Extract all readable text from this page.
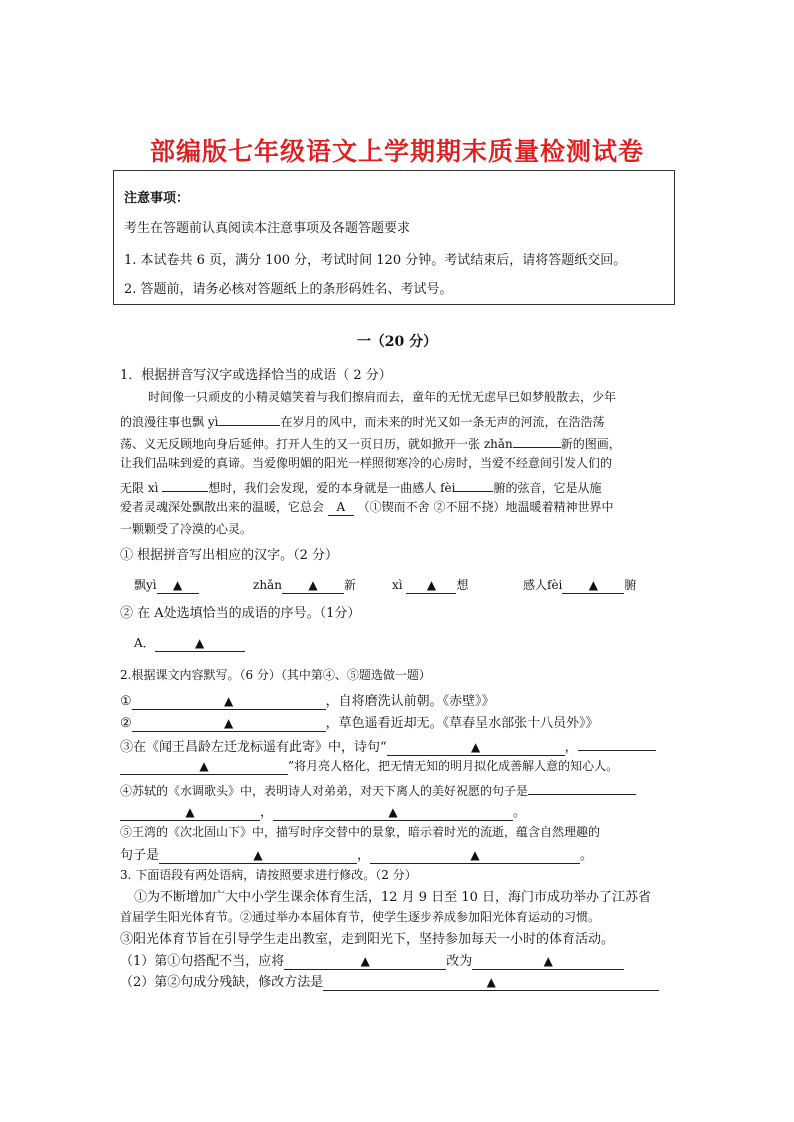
部编版七年级语文上学期期末质量检测试卷
注意事项：
考生在答题前认真阅读本注意事项及各题答题要求
1. 本试卷共 6 页，满分 100 分，考试时间 120 分钟。考试结束后，请将答题纸交回。
2. 答题前，请务必核对答题纸上的条形码姓名、考试号。
一（20 分）
1．根据拼音写汉字或选择恰当的成语（ 2 分）
时间像一只顽皮的小精灵嬉笑着与我们擦肩而去，童年的无忧无虑早已如梦般散去，少年
的浪漫往事也飘 yì	在岁月的风中，而未来的时光又如一条无声的河流，在浩浩荡
荡、义无反顾地向身后延伸。打开人生的又一页日历，就如掀开一张 zhǎn	新的图画，
让我们品味到爱的真谛。当爱像明媚的阳光一样照彻寒冷的心房时，当爱不经意间引发人们的
无限 xì	想时，我们会发现，爱的本身就是一曲感人 fèi	腑的弦音，它是从施
爱者灵魂深处飘散出来的温暖，它总会 A （①锲而不舍 ②不屈不挠）地温暖着精神世界中
一颗颗受了冷漠的心灵。
① 根据拼音写出相应的汉字。（2 分）
飘yì ▲	zhǎn ▲ 新	xì ▲ 想	感人fèi ▲ 腑
② 在 A处选填恰当的成语的序号。（1分）
A．	▲
2.根据课文内容默写。（6 分）（其中第④、⑤题选做一题）
①	▲	，自将磨洗认前朝。《赤壁》》
②	▲	，草色遥看近却无。《草春呈水部张十八员外》》
③在《闻王昌龄左迁龙标遥有此寄》中，诗句“	▲	，
▲	”将月亮人格化，把无情无知的明月拟化成善解人意的知心人。
④苏轼的《水调歌头》中，表明诗人对弟弟，对天下离人的美好祝愿的句子是
▲	，	▲	。
⑤王湾的《次北固山下》中，描写时序交替中的景象，暗示着时光的流逝，蕴含自然理趣的
句子是	▲	，	▲	。
3. 下面语段有两处语病，请按照要求进行修改。（2 分）
①为不断增加广大中小学生课余体育生活，12 月 9 日至 10 日，海门市成功举办了江苏省
首届学生阳光体育节。②通过举办本届体育节，使学生逐步养成参加阳光体育运动的习惯。
③阳光体育节旨在引导学生走出教室，走到阳光下，坚持参加每天一小时的体育活动。
（1）第①句搭配不当，应将	▲	改为	▲
（2）第②句成分残缺，修改方法是	▲
